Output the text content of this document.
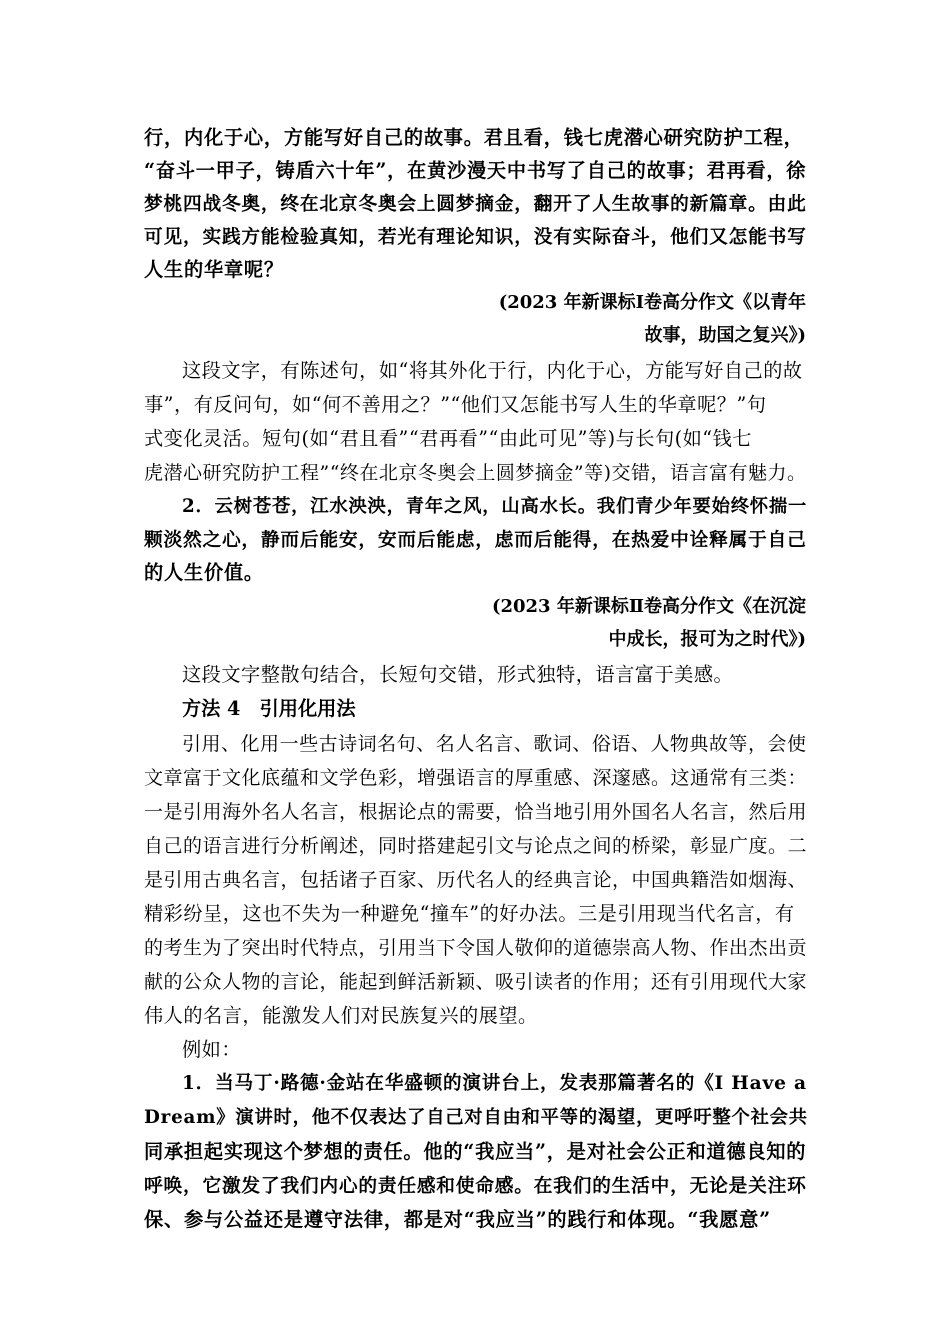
行，内化于心，方能写好自己的故事。君且看，钱七虎潜心研究防护工程，
“奋斗一甲子，铸盾六十年”，在黄沙漫天中书写了自己的故事；君再看，徐
梦桃四战冬奥，终在北京冬奥会上圆梦摘金，翻开了人生故事的新篇章。由此
可见，实践方能检验真知，若光有理论知识，没有实际奋斗，他们又怎能书写
人生的华章呢？
(2023 年新课标Ⅰ卷高分作文《以青年
故事，助国之复兴》)
这段文字，有陈述句，如“将其外化于行，内化于心，方能写好自己的故
事”，有反问句，如“何不善用之？”“他们又怎能书写人生的华章呢？”句
式变化灵活。短句(如“君且看”“君再看”“由此可见”等)与长句(如“钱七
虎潜心研究防护工程”“终在北京冬奥会上圆梦摘金”等)交错，语言富有魅力。
2．云树苍苍，江水泱泱，青年之风，山高水长。我们青少年要始终怀揣一
颗淡然之心，静而后能安，安而后能虑，虑而后能得，在热爱中诠释属于自己
的人生价值。
(2023 年新课标Ⅱ卷高分作文《在沉淀
中成长，报可为之时代》)
这段文字整散句结合，长短句交错，形式独特，语言富于美感。
方法 4　引用化用法
引用、化用一些古诗词名句、名人名言、歌词、俗语、人物典故等，会使
文章富于文化底蕴和文学色彩，增强语言的厚重感、深邃感。这通常有三类：
一是引用海外名人名言，根据论点的需要，恰当地引用外国名人名言，然后用
自己的语言进行分析阐述，同时搭建起引文与论点之间的桥梁，彰显广度。二
是引用古典名言，包括诸子百家、历代名人的经典言论，中国典籍浩如烟海、
精彩纷呈，这也不失为一种避免“撞车”的好办法。三是引用现当代名言，有
的考生为了突出时代特点，引用当下令国人敬仰的道德崇高人物、作出杰出贡
献的公众人物的言论，能起到鲜活新颖、吸引读者的作用；还有引用现代大家
伟人的名言，能激发人们对民族复兴的展望。
例如：
1．当马丁·路德·金站在华盛顿的演讲台上，发表那篇著名的《I Have a
Dream》演讲时，他不仅表达了自己对自由和平等的渴望，更呼吁整个社会共
同承担起实现这个梦想的责任。他的“我应当”，是对社会公正和道德良知的
呼唤，它激发了我们内心的责任感和使命感。在我们的生活中，无论是关注环
保、参与公益还是遵守法律，都是对“我应当”的践行和体现。“我愿意”
